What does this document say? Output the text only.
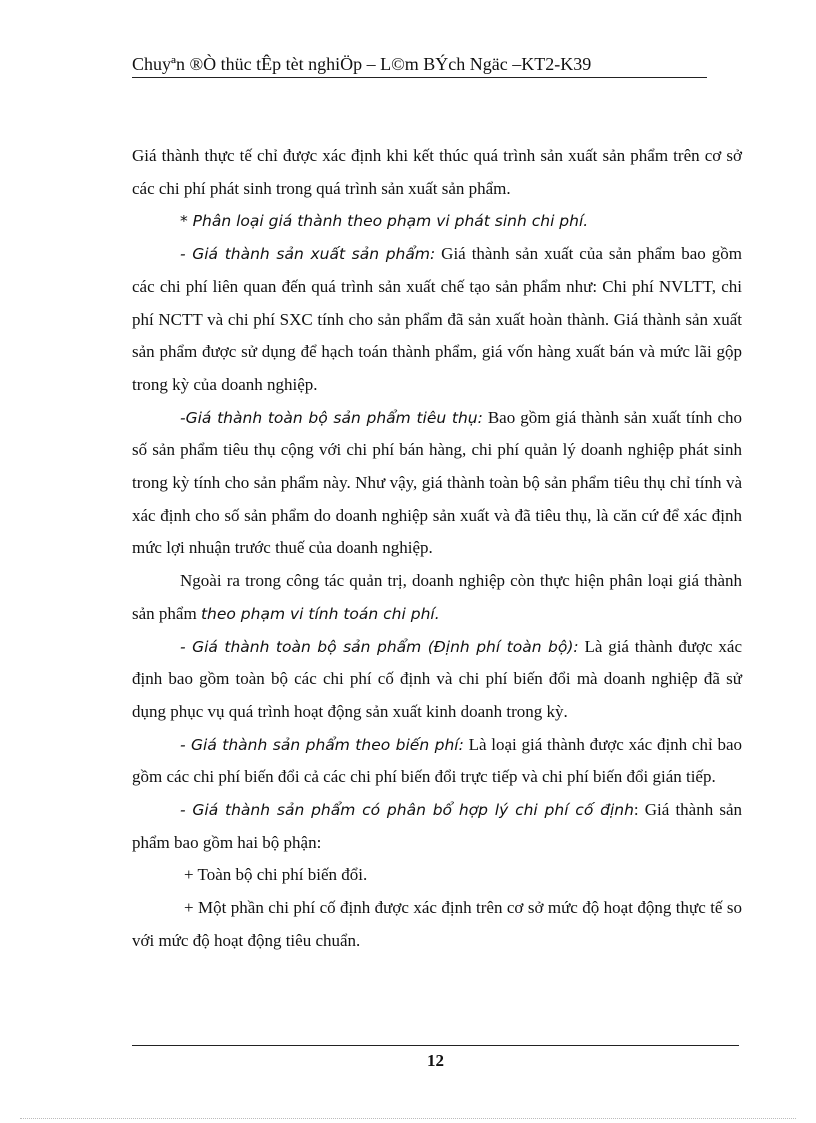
Chuyªn ®Ò thüc tÊp tèt nghiÖp – L©m BÝch Ngäc –KT2-K39

Giá thành thực tế chỉ được xác định khi kết thúc quá trình sản xuất sản phẩm trên cơ sở các chi phí phát sinh trong quá trình sản xuất sản phẩm.

* Phân loại giá thành theo phạm vi phát sinh chi phí.

- Giá thành sản xuất sản phẩm: Giá thành sản xuất của sản phẩm bao gồm các chi phí liên quan đến quá trình sản xuất chế tạo sản phẩm như: Chi phí NVLTT, chi phí NCTT và chi phí SXC tính cho sản phẩm đã sản xuất hoàn thành. Giá thành sản xuất sản phẩm được sử dụng để hạch toán thành phẩm, giá vốn hàng xuất bán và mức lãi gộp trong kỳ của doanh nghiệp.

-Giá thành toàn bộ sản phẩm tiêu thụ: Bao gồm giá thành sản xuất tính cho số sản phẩm tiêu thụ cộng với chi phí bán hàng, chi phí quản lý doanh nghiệp phát sinh trong kỳ tính cho sản phẩm này. Như vậy, giá thành toàn bộ sản phẩm tiêu thụ chỉ tính và xác định cho số sản phẩm do doanh nghiệp sản xuất và đã tiêu thụ, là căn cứ để xác định mức lợi nhuận trước thuế của doanh nghiệp.

Ngoài ra trong công tác quản trị, doanh nghiệp còn thực hiện phân loại giá thành sản phẩm theo phạm vi tính toán chi phí.

- Giá thành toàn bộ sản phẩm (Định phí toàn bộ): Là giá thành được xác định bao gồm toàn bộ các chi phí cố định và chi phí biến đổi mà doanh nghiệp đã sử dụng phục vụ quá trình hoạt động sản xuất kinh doanh trong kỳ.

- Giá thành sản phẩm theo biến phí: Là loại giá thành được xác định chỉ bao gồm các chi phí biến đổi cả các chi phí biến đổi trực tiếp và chi phí biến đổi gián tiếp.

- Giá thành sản phẩm có phân bổ hợp lý chi phí cố định: Giá thành sản phẩm bao gồm hai bộ phận:

+ Toàn bộ chi phí biến đổi.

+ Một phần chi phí cố định được xác định trên cơ sở mức độ hoạt động thực tế so với mức độ hoạt động tiêu chuẩn.

12
